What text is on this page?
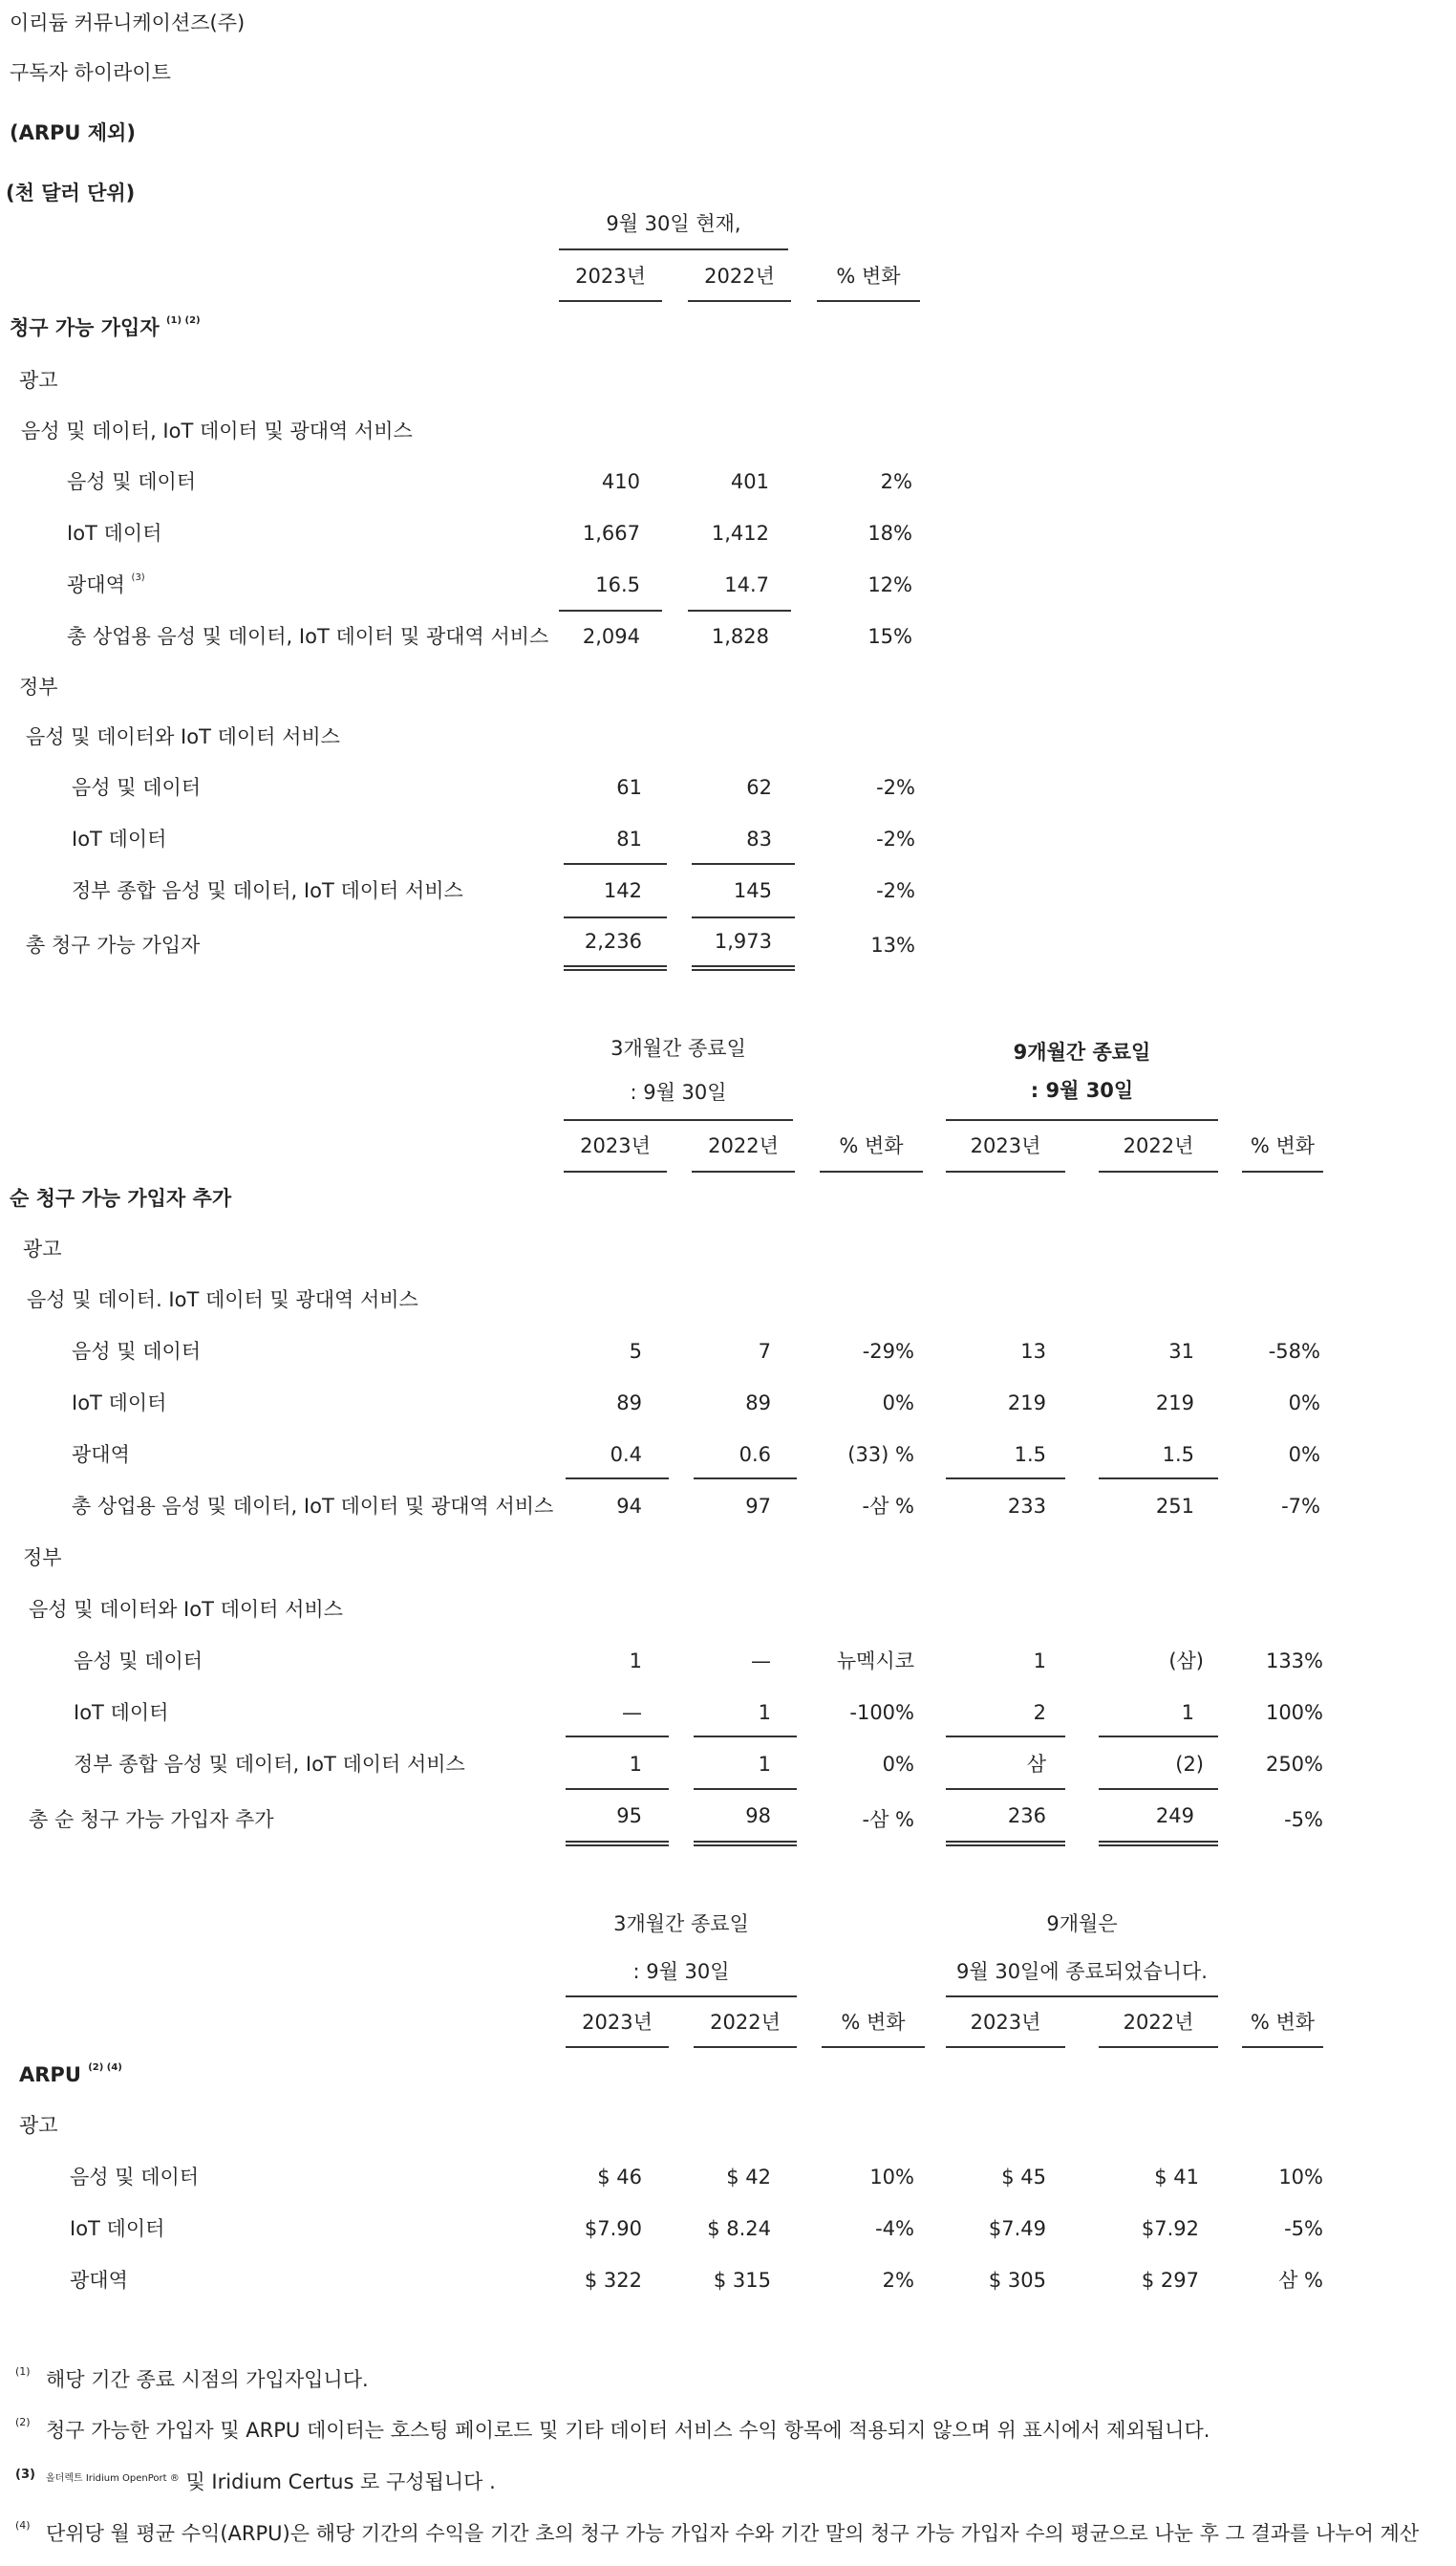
이리듐 커뮤니케이션즈(주)
구독자 하이라이트
(ARPU 제외)
(천 달러 단위)
9월 30일 현재,
2023년	2022년	% 변화
청구 가능 가입자 $^{(1) (2)}$
광고
음성 및 데이터, IoT 데이터 및 광대역 서비스
음성 및 데이터	410	401	2%
IoT 데이터	1,667	1,412	18%
광대역 $^{(3)}$	16.5	14.7	12%
총 상업용 음성 및 데이터, IoT 데이터 및 광대역 서비스	2,094	1,828	15%
정부
음성 및 데이터와 IoT 데이터 서비스
음성 및 데이터	61	62	-2%
IoT 데이터	81	83	-2%
정부 종합 음성 및 데이터, IoT 데이터 서비스	142	145	-2%
총 청구 가능 가입자	2,236	1,973	13%
3개월간 종료일
: 9월 30일
9개월간 종료일
: 9월 30일
2023년	2022년	% 변화	2023년	2022년	% 변화
순 청구 가능 가입자 추가
광고
음성 및 데이터. IoT 데이터 및 광대역 서비스
음성 및 데이터	5	7	-29%	13	31	-58%
IoT 데이터	89	89	0%	219	219	0%
광대역	0.4	0.6	(33) %	1.5	1.5	0%
총 상업용 음성 및 데이터, IoT 데이터 및 광대역 서비스	94	97	-삼 %	233	251	-7%
정부
음성 및 데이터와 IoT 데이터 서비스
음성 및 데이터	1	—	뉴멕시코	1	(삼)	133%
IoT 데이터	—	1	-100%	2	1	100%
정부 종합 음성 및 데이터, IoT 데이터 서비스	1	1	0%	삼	(2)	250%
총 순 청구 가능 가입자 추가	95	98	-삼 %	236	249	-5%
3개월간 종료일
: 9월 30일
9개월은
9월 30일에 종료되었습니다.
2023년	2022년	% 변화	2023년	2022년	% 변화
ARPU $^{(2) (4)}$
광고
음성 및 데이터	$ 46	$ 42	10%	$ 45	$ 41	10%
IoT 데이터	$7.90	$ 8.24	-4%	$7.49	$7.92	-5%
광대역	$ 322	$ 315	2%	$ 305	$ 297	삼 %
(1) 해당 기간 종료 시점의 가입자입니다.
(2) 청구 가능한 가입자 및 ARPU 데이터는 호스팅 페이로드 및 기타 데이터 서비스 수익 항목에 적용되지 않으며 위 표시에서 제외됩니다.
(3) $^{올더렉트 Iridium OpenPort ®}$ 및 Iridium Certus 로 구성됩니다 .
(4) 단위당 월 평균 수익(ARPU)은 해당 기간의 수익을 기간 초의 청구 가능 가입자 수와 기간 말의 청구 가능 가입자 수의 평균으로 나눈 후 그 결과를 나누어 계산
